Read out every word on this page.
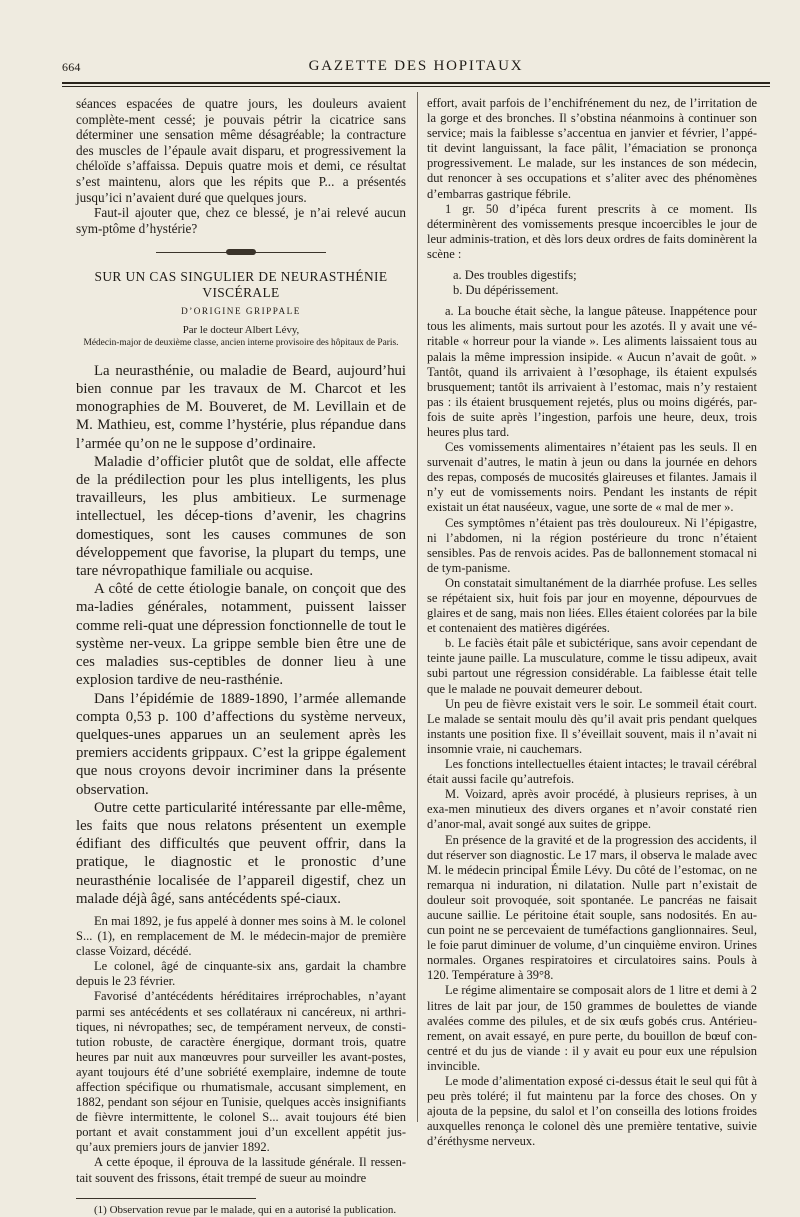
664	GAZETTE DES HOPITAUX

séances espacées de quatre jours, les douleurs avaient complète-ment cessé; je pouvais pétrir la cicatrice sans déterminer une sensation même désagréable; la contracture des muscles de l’épaule avait disparu, et progressivement la chéloïde s’affaissa. Depuis quatre mois et demi, ce résultat s’est maintenu, alors que les répits que P... a présentés jusqu’ici n’avaient duré que quelques jours.

Faut-il ajouter que, chez ce blessé, je n’ai relevé aucun sym-ptôme d’hystérie?

SUR UN CAS SINGULIER DE NEURASTHÉNIE VISCÉRALE
D’ORIGINE GRIPPALE
Par le docteur Albert Lévy,
Médecin-major de deuxième classe, ancien interne provisoire des hôpitaux de Paris.

La neurasthénie, ou maladie de Beard, aujourd’hui bien connue par les travaux de M. Charcot et les monographies de M. Bouveret, de M. Levillain et de M. Mathieu, est, comme l’hystérie, plus répandue dans l’armée qu’on ne le suppose d’ordinaire.

Maladie d’officier plutôt que de soldat, elle affecte de la prédilection pour les plus intelligents, les plus travailleurs, les plus ambitieux. Le surmenage intellectuel, les décep-tions d’avenir, les chagrins domestiques, sont les causes communes de son développement que favorise, la plupart du temps, une tare névropathique familiale ou acquise.

A côté de cette étiologie banale, on conçoit que des ma-ladies générales, notamment, puissent laisser comme reli-quat une dépression fonctionnelle de tout le système ner-veux. La grippe semble bien être une de ces maladies sus-ceptibles de donner lieu à une explosion tardive de neu-rasthénie.

Dans l’épidémie de 1889-1890, l’armée allemande compta 0,53 p. 100 d’affections du système nerveux, quelques-unes apparues un an seulement après les premiers accidents grippaux. C’est la grippe également que nous croyons devoir incriminer dans la présente observation.

Outre cette particularité intéressante par elle-même, les faits que nous relatons présentent un exemple édifiant des difficultés que peuvent offrir, dans la pratique, le diagnostic et le pronostic d’une neurasthénie localisée de l’appareil digestif, chez un malade déjà âgé, sans antécédents spé-ciaux.

En mai 1892, je fus appelé à donner mes soins à M. le colonel S... (1), en remplacement de M. le médecin-major de première classe Voizard, décédé.

Le colonel, âgé de cinquante-six ans, gardait la chambre depuis le 23 février.

Favorisé d’antécédents héréditaires irréprochables, n’ayant parmi ses antécédents et ses collatéraux ni cancéreux, ni arthri-tiques, ni névropathes; sec, de tempérament nerveux, de consti-tution robuste, de caractère énergique, dormant trois, quatre heures par nuit aux manœuvres pour surveiller les avant-postes, ayant toujours été d’une sobriété exemplaire, indemne de toute affection spécifique ou rhumatismale, accusant simplement, en 1882, pendant son séjour en Tunisie, quelques accès insignifiants de fièvre intermittente, le colonel S... avait toujours été bien portant et avait constamment joui d’un excellent appétit jus-qu’aux premiers jours de janvier 1892.

A cette époque, il éprouva de la lassitude générale. Il ressen-tait souvent des frissons, était trempé de sueur au moindre

(1) Observation revue par le malade, qui en a autorisé la publication.

effort, avait parfois de l’enchifrénement du nez, de l’irritation de la gorge et des bronches. Il s’obstina néanmoins à continuer son service; mais la faiblesse s’accentua en janvier et février, l’appé-tit devint languissant, la face pâlit, l’émaciation se prononça progressivement. Le malade, sur les instances de son médecin, dut renoncer à ses occupations et s’aliter avec des phénomènes d’embarras gastrique fébrile.

1 gr. 50 d’ipéca furent prescrits à ce moment. Ils déterminèrent des vomissements presque incoercibles le jour de leur adminis-tration, et dès lors deux ordres de faits dominèrent la scène :

a. Des troubles digestifs;

b. Du dépérissement.

a. La bouche était sèche, la langue pâteuse. Inappétence pour tous les aliments, mais surtout pour les azotés. Il y avait une vé-ritable « horreur pour la viande ». Les aliments laissaient tous au palais la même impression insipide. « Aucun n’avait de goût. » Tantôt, quand ils arrivaient à l’œsophage, ils étaient expulsés brusquement; tantôt ils arrivaient à l’estomac, mais n’y restaient pas : ils étaient brusquement rejetés, plus ou moins digérés, par-fois de suite après l’ingestion, parfois une heure, deux, trois heures plus tard.

Ces vomissements alimentaires n’étaient pas les seuls. Il en survenait d’autres, le matin à jeun ou dans la journée en dehors des repas, composés de mucosités glaireuses et filantes. Jamais il n’y eut de vomissements noirs. Pendant les instants de répit existait un état nauséeux, vague, une sorte de « mal de mer ».

Ces symptômes n’étaient pas très douloureux. Ni l’épigastre, ni l’abdomen, ni la région postérieure du tronc n’étaient sensibles. Pas de renvois acides. Pas de ballonnement stomacal ni de tym-panisme.

On constatait simultanément de la diarrhée profuse. Les selles se répétaient six, huit fois par jour en moyenne, dépourvues de glaires et de sang, mais non liées. Elles étaient colorées par la bile et contenaient des matières digérées.

b. Le faciès était pâle et subictérique, sans avoir cependant de teinte jaune paille. La musculature, comme le tissu adipeux, avait subi partout une régression considérable. La faiblesse était telle que le malade ne pouvait demeurer debout.

Un peu de fièvre existait vers le soir. Le sommeil était court. Le malade se sentait moulu dès qu’il avait pris pendant quelques instants une position fixe. Il s’éveillait souvent, mais il n’avait ni insomnie vraie, ni cauchemars.

Les fonctions intellectuelles étaient intactes; le travail cérébral était aussi facile qu’autrefois.

M. Voizard, après avoir procédé, à plusieurs reprises, à un exa-men minutieux des divers organes et n’avoir constaté rien d’anor-mal, avait songé aux suites de grippe.

En présence de la gravité et de la progression des accidents, il dut réserver son diagnostic. Le 17 mars, il observa le malade avec M. le médecin principal Émile Lévy. Du côté de l’estomac, on ne remarqua ni induration, ni dilatation. Nulle part n’existait de douleur soit provoquée, soit spontanée. Le pancréas ne faisait aucune saillie. Le péritoine était souple, sans nodosités. En au-cun point ne se percevaient de tuméfactions ganglionnaires. Seul, le foie parut diminuer de volume, d’un cinquième environ. Urines normales. Organes respiratoires et circulatoires sains. Pouls à 120. Température à 39°8.

Le régime alimentaire se composait alors de 1 litre et demi à 2 litres de lait par jour, de 150 grammes de boulettes de viande avalées comme des pilules, et de six œufs gobés crus. Antérieu-rement, on avait essayé, en pure perte, du bouillon de bœuf con-centré et du jus de viande : il y avait eu pour eux une répulsion invincible.

Le mode d’alimentation exposé ci-dessus était le seul qui fût à peu près toléré; il fut maintenu par la force des choses. On y ajouta de la pepsine, du salol et l’on conseilla des lotions froides auxquelles renonça le colonel dès une première tentative, suivie d’éréthysme nerveux.
